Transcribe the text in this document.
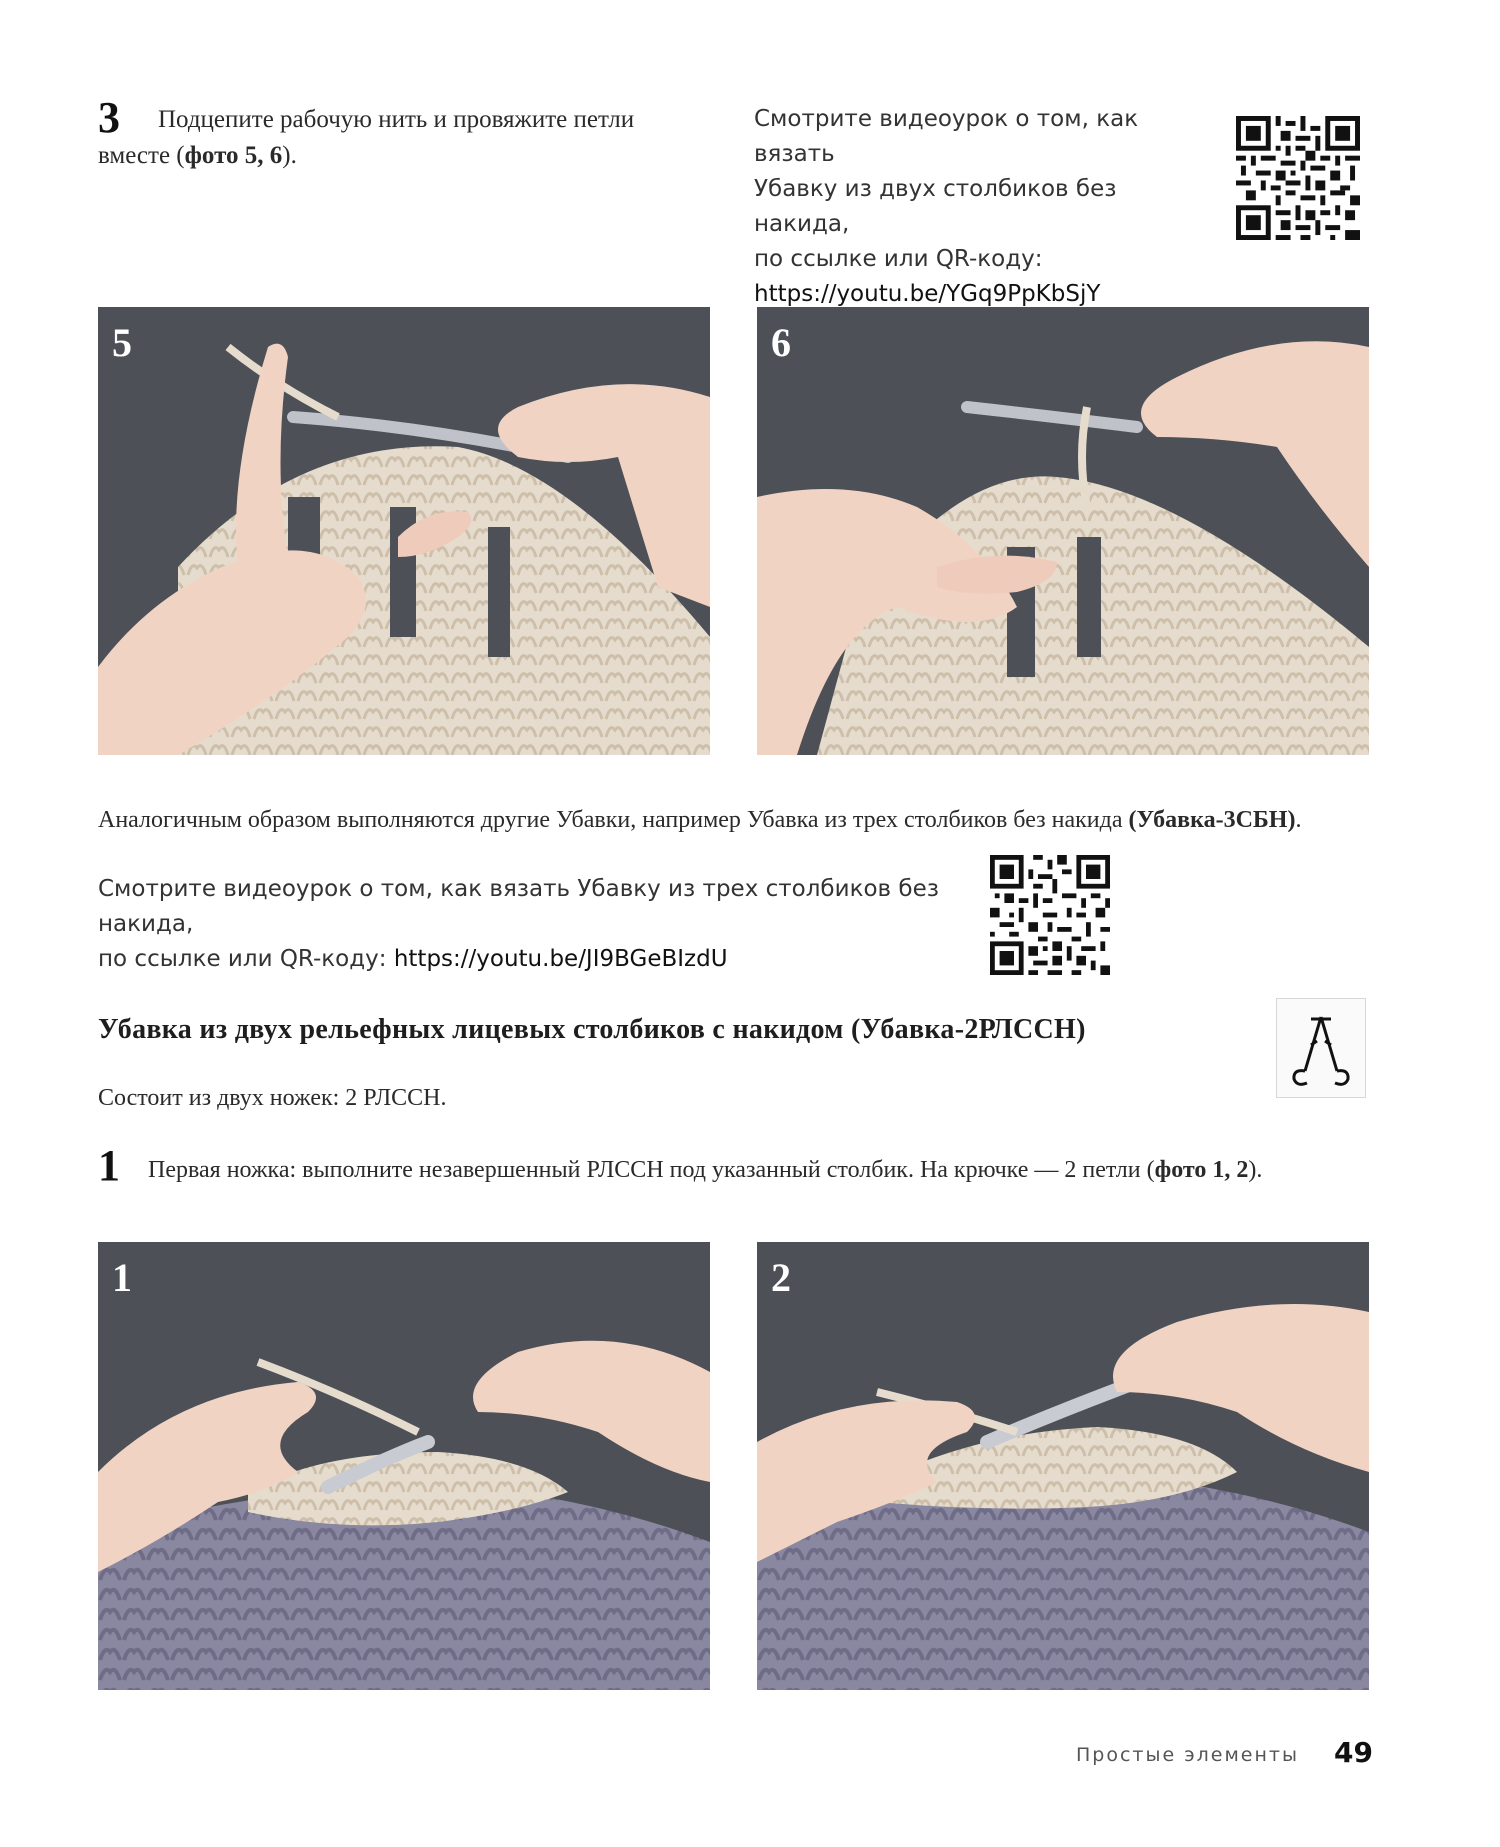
3 Подцепите рабочую нить и провяжите петли
вместе (фото 5, 6).
Смотрите видеоурок о том, как вязать
Убавку из двух столбиков без накида,
по ссылке или QR-коду:
https://youtu.be/YGq9PpKbSjY
5	6
Аналогичным образом выполняются другие Убавки, например Убавка из трех столбиков без накида (Убавка-3СБН).
Смотрите видеоурок о том, как вязать Убавку из трех столбиков без накида,
по ссылке или QR-коду: https://youtu.be/JI9BGeBIzdU
Убавка из двух рельефных лицевых столбиков с накидом (Убавка-2РЛССН)
Состоит из двух ножек: 2 РЛССН.
1 Первая ножка: выполните незавершенный РЛССН под указанный столбик. На крючке — 2 петли (фото 1, 2).
1	2
Простые элементы 49
